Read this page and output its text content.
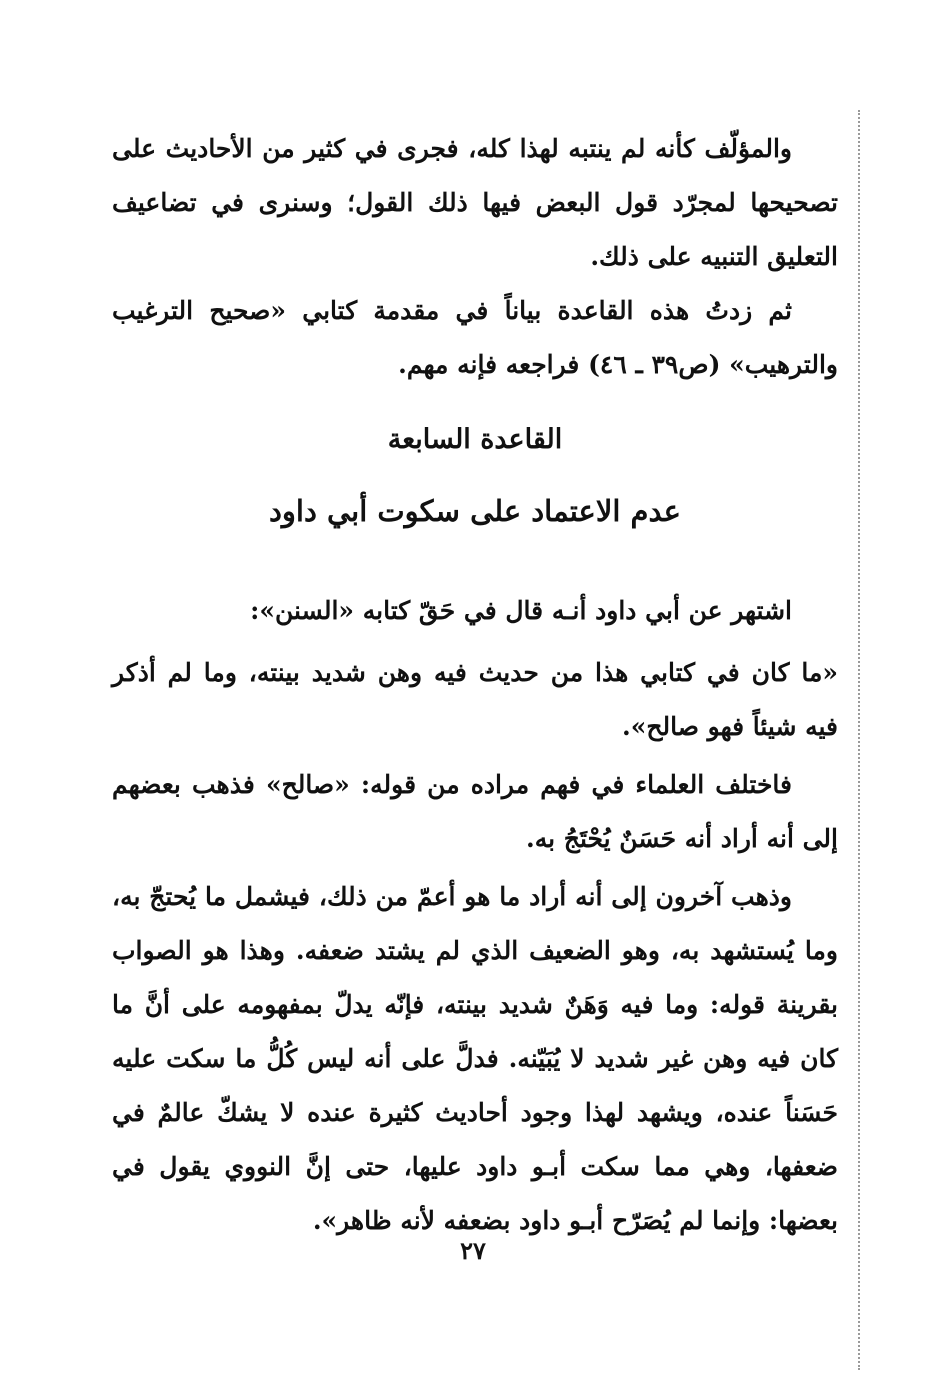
والمؤلّف كأنه لم ينتبه لهذا كله، فجرى في كثير من الأحاديث على تصحيحها لمجرّد قول البعض فيها ذلك القول؛ وسنرى في تضاعيف التعليق التنبيه على ذلك.

ثم زدتُ هذه القاعدة بياناً في مقدمة كتابي «صحيح الترغيب والترهيب» (ص٣٩ ـ ٤٦) فراجعه فإنه مهم.

القاعدة السابعة
عدم الاعتماد على سكوت أبي داود

اشتهر عن أبي داود أنـه قال في حَقّ كتابه «السنن»:

«ما كان في كتابي هذا من حديث فيه وهن شديد بينته، وما لم أذكر فيه شيئاً فهو صالح».

فاختلف العلماء في فهم مراده من قوله: «صالح» فذهب بعضهم إلى أنه أراد أنه حَسَنٌ يُحْتَجُ به.

وذهب آخرون إلى أنه أراد ما هو أعمّ من ذلك، فيشمل ما يُحتجّ به، وما يُستشهد به، وهو الضعيف الذي لم يشتد ضعفه. وهذا هو الصواب بقرينة قوله: وما فيه وَهَنٌ شديد بينته، فإنّه يدلّ بمفهومه على أنَّ ما كان فيه وهن غير شديد لا يُبَيّنه. فدلَّ على أنه ليس كُلُّ ما سكت عليه حَسَناً عنده، ويشهد لهذا وجود أحاديث كثيرة عنده لا يشكّ عالمٌ في ضعفها، وهي مما سكت أبـو داود عليها، حتى إنَّ النووي يقول في بعضها: وإنما لم يُصَرّح أبـو داود بضعفه لأنه ظاهر».

٢٧
